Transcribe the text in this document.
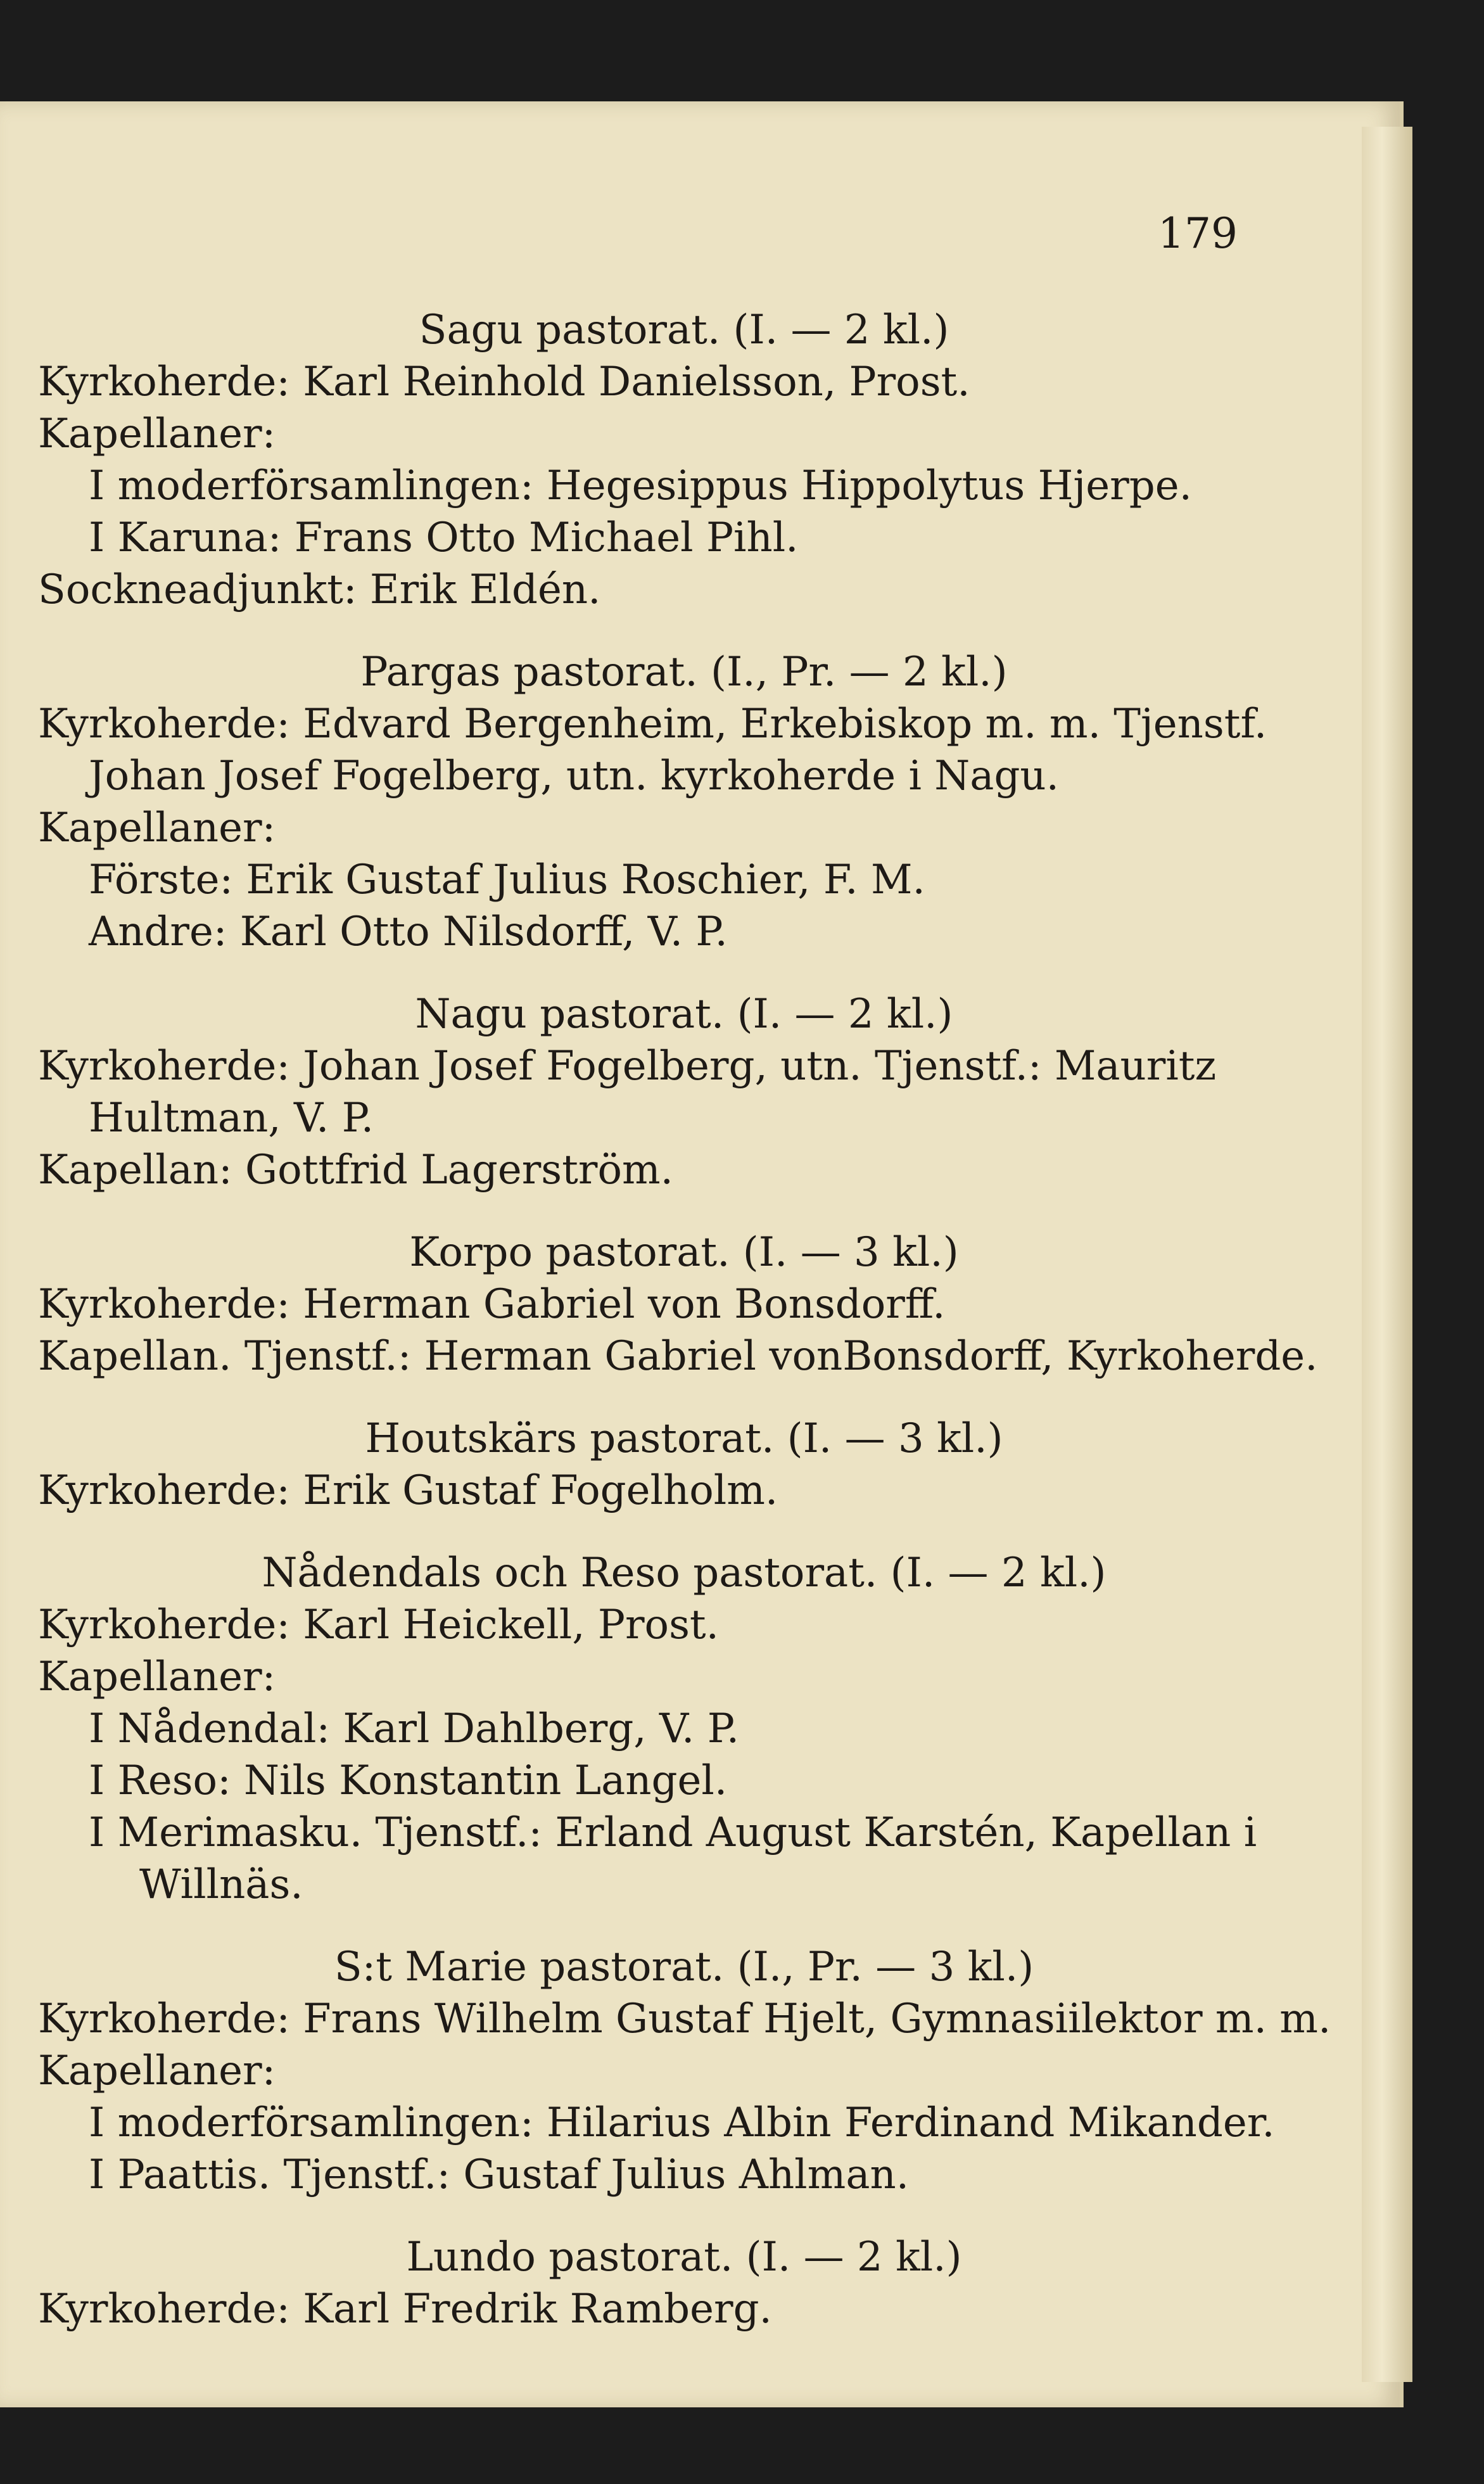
179

Sagu pastorat. (I. — 2 kl.)

Kyrkoherde: Karl Reinhold Danielsson, Prost.

Kapellaner:

I moderförsamlingen: Hegesippus Hippolytus Hjerpe.

I Karuna: Frans Otto Michael Pihl.

Sockneadjunkt: Erik Eldén.

Pargas pastorat. (I., Pr. — 2 kl.)

Kyrkoherde: Edvard Bergenheim, Erkebiskop m. m. Tjenstf.

Johan Josef Fogelberg, utn. kyrkoherde i Nagu.

Kapellaner:

Förste: Erik Gustaf Julius Roschier, F. M.

Andre: Karl Otto Nilsdorff, V. P.

Nagu pastorat. (I. — 2 kl.)

Kyrkoherde: Johan Josef Fogelberg, utn. Tjenstf.: Mauritz

Hultman, V. P.

Kapellan: Gottfrid Lagerström.

Korpo pastorat. (I. — 3 kl.)

Kyrkoherde: Herman Gabriel von Bonsdorff.

Kapellan. Tjenstf.: Herman Gabriel vonBonsdorff, Kyrkoherde.

Houtskärs pastorat. (I. — 3 kl.)

Kyrkoherde: Erik Gustaf Fogelholm.

Nådendals och Reso pastorat. (I. — 2 kl.)

Kyrkoherde: Karl Heickell, Prost.

Kapellaner:

I Nådendal: Karl Dahlberg, V. P.

I Reso: Nils Konstantin Langel.

I Merimasku. Tjenstf.: Erland August Karstén, Kapellan i

Willnäs.

S:t Marie pastorat. (I., Pr. — 3 kl.)

Kyrkoherde: Frans Wilhelm Gustaf Hjelt, Gymnasiilektor m. m.

Kapellaner:

I moderförsamlingen: Hilarius Albin Ferdinand Mikander.

I Paattis. Tjenstf.: Gustaf Julius Ahlman.

Lundo pastorat. (I. — 2 kl.)

Kyrkoherde: Karl Fredrik Ramberg.
